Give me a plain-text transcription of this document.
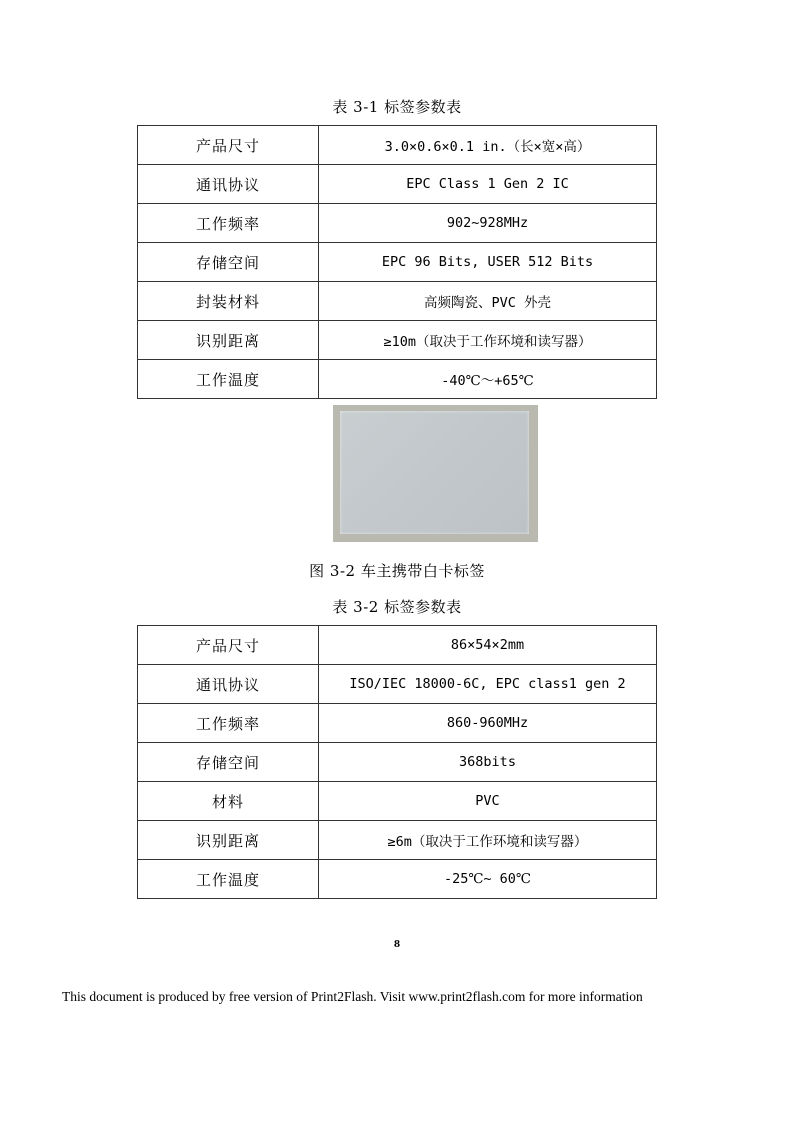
表 3-1 标签参数表
产品尺寸	3.0×0.6×0.1 in.（长×宽×高）
通讯协议	EPC Class 1 Gen 2 IC
工作频率	902~928MHz
存储空间	EPC 96 Bits, USER 512 Bits
封装材料	高频陶瓷、PVC 外壳
识别距离	≥10m（取决于工作环境和读写器）
工作温度	-40℃～+65℃
图 3-2 车主携带白卡标签
表 3-2 标签参数表
产品尺寸	86×54×2mm
通讯协议	ISO/IEC 18000-6C, EPC class1 gen 2
工作频率	860-960MHz
存储空间	368bits
材料	PVC
识别距离	≥6m（取决于工作环境和读写器）
工作温度	-25℃~ 60℃
8
This document is produced by free version of Print2Flash. Visit www.print2flash.com for more information
